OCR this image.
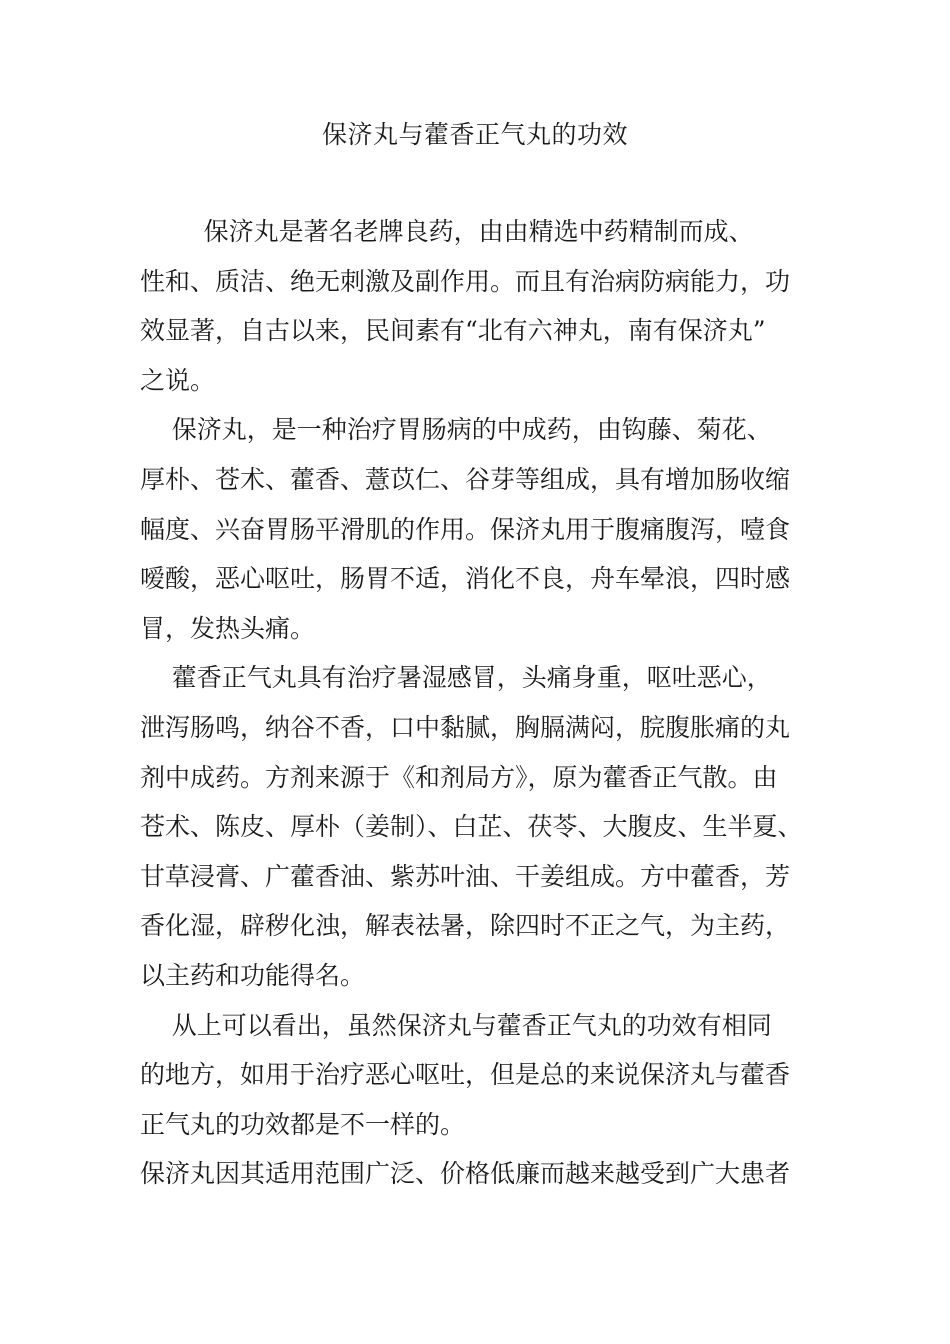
保济丸与藿香正气丸的功效
保济丸是著名老牌良药，由由精选中药精制而成、
性和、质洁、绝无刺激及副作用。而且有治病防病能力，功
效显著，自古以来，民间素有“北有六神丸，南有保济丸”
之说。
保济丸，是一种治疗胃肠病的中成药，由钩藤、菊花、
厚朴、苍术、藿香、薏苡仁、谷芽等组成，具有增加肠收缩
幅度、兴奋胃肠平滑肌的作用。保济丸用于腹痛腹泻，噎食
嗳酸，恶心呕吐，肠胃不适，消化不良，舟车晕浪，四时感
冒，发热头痛。
藿香正气丸具有治疗暑湿感冒，头痛身重，呕吐恶心，
泄泻肠鸣，纳谷不香，口中黏腻，胸膈满闷，脘腹胀痛的丸
剂中成药。方剂来源于《和剂局方》，原为藿香正气散。由
苍术、陈皮、厚朴（姜制）、白芷、茯苓、大腹皮、生半夏、
甘草浸膏、广藿香油、紫苏叶油、干姜组成。方中藿香，芳
香化湿，辟秽化浊，解表祛暑，除四时不正之气，为主药，
以主药和功能得名。
从上可以看出，虽然保济丸与藿香正气丸的功效有相同
的地方，如用于治疗恶心呕吐，但是总的来说保济丸与藿香
正气丸的功效都是不一样的。
保济丸因其适用范围广泛、价格低廉而越来越受到广大患者
